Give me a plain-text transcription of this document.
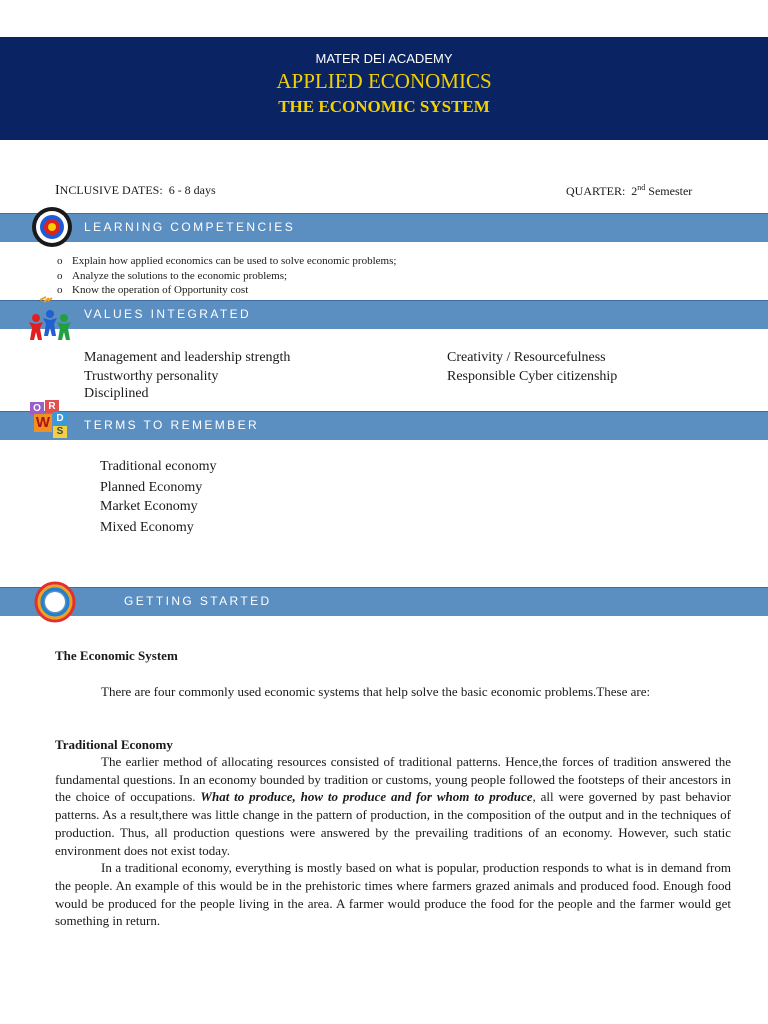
MATER DEI ACADEMY
APPLIED ECONOMICS
THE ECONOMIC SYSTEM
INCLUSIVE DATES: 6 - 8 days	QUARTER: 2nd Semester
LEARNING COMPETENCIES
o Explain how applied economics can be used to solve economic problems;
o Analyze the solutions to the economic problems;
o Know the operation of Opportunity cost
VALUES INTEGRATED
Management and leadership strength
Trustworthy personality
Disciplined
Creativity / Resourcefulness
Responsible Cyber citizenship
TERMS TO REMEMBER
O R
W D
S
Traditional economy
Planned Economy
Market Economy
Mixed Economy
GETTING STARTED
The Economic System

There are four commonly used economic systems that help solve the basic economic problems.These are:

Traditional Economy

The earlier method of allocating resources consisted of traditional patterns. Hence,the forces of tradition answered the fundamental questions. In an economy bounded by tradition or customs, young people followed the footsteps of their ancestors in the choice of occupations. What to produce, how to produce and for whom to produce, all were governed by past behavior patterns. As a result,there was little change in the pattern of production, in the composition of the output and in the techniques of production. Thus, all production questions were answered by the prevailing traditions of an economy. However, such static environment does not exist today.

In a traditional economy, everything is mostly based on what is popular, production responds to what is in demand from the people. An example of this would be in the prehistoric times where farmers grazed animals and produced food. Enough food would be produced for the people living in the area. A farmer would produce the food for the people and the farmer would get something in return.
